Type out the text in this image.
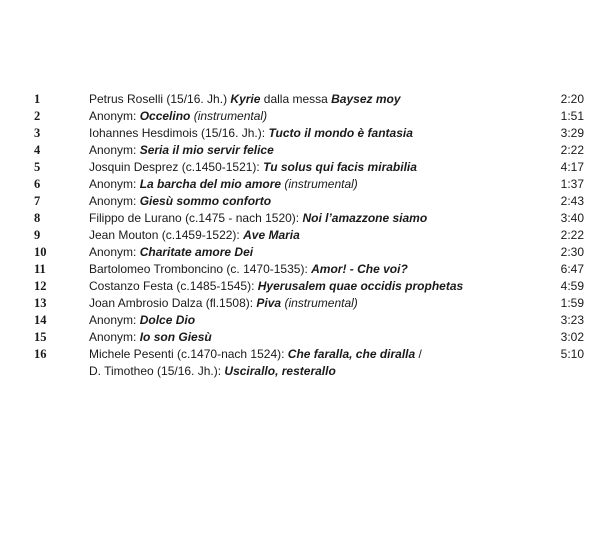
1	Petrus Roselli (15/16. Jh.) Kyrie dalla messa Baysez moy	2:20
2	Anonym: Occelino (instrumental)	1:51
3	Iohannes Hesdimois (15/16. Jh.): Tucto il mondo è fantasia	3:29
4	Anonym: Seria il mio servir felice	2:22
5	Josquin Desprez (c.1450-1521): Tu solus qui facis mirabilia	4:17
6	Anonym: La barcha del mio amore (instrumental)	1:37
7	Anonym: Giesù sommo conforto	2:43
8	Filippo de Lurano (c.1475 - nach 1520): Noi l’amazzone siamo	3:40
9	Jean Mouton (c.1459-1522): Ave Maria	2:22
10	Anonym: Charitate amore Dei	2:30
11	Bartolomeo Tromboncino (c. 1470-1535): Amor! - Che voi?	6:47
12	Costanzo Festa (c.1485-1545): Hyerusalem quae occidis prophetas	4:59
13	Joan Ambrosio Dalza (fl.1508): Piva (instrumental)	1:59
14	Anonym: Dolce Dio	3:23
15	Anonym: Io son Giesù	3:02
16	Michele Pesenti (c.1470-nach 1524): Che faralla, che diralla /	5:10
D. Timotheo (15/16. Jh.): Uscirallo, resterallo
